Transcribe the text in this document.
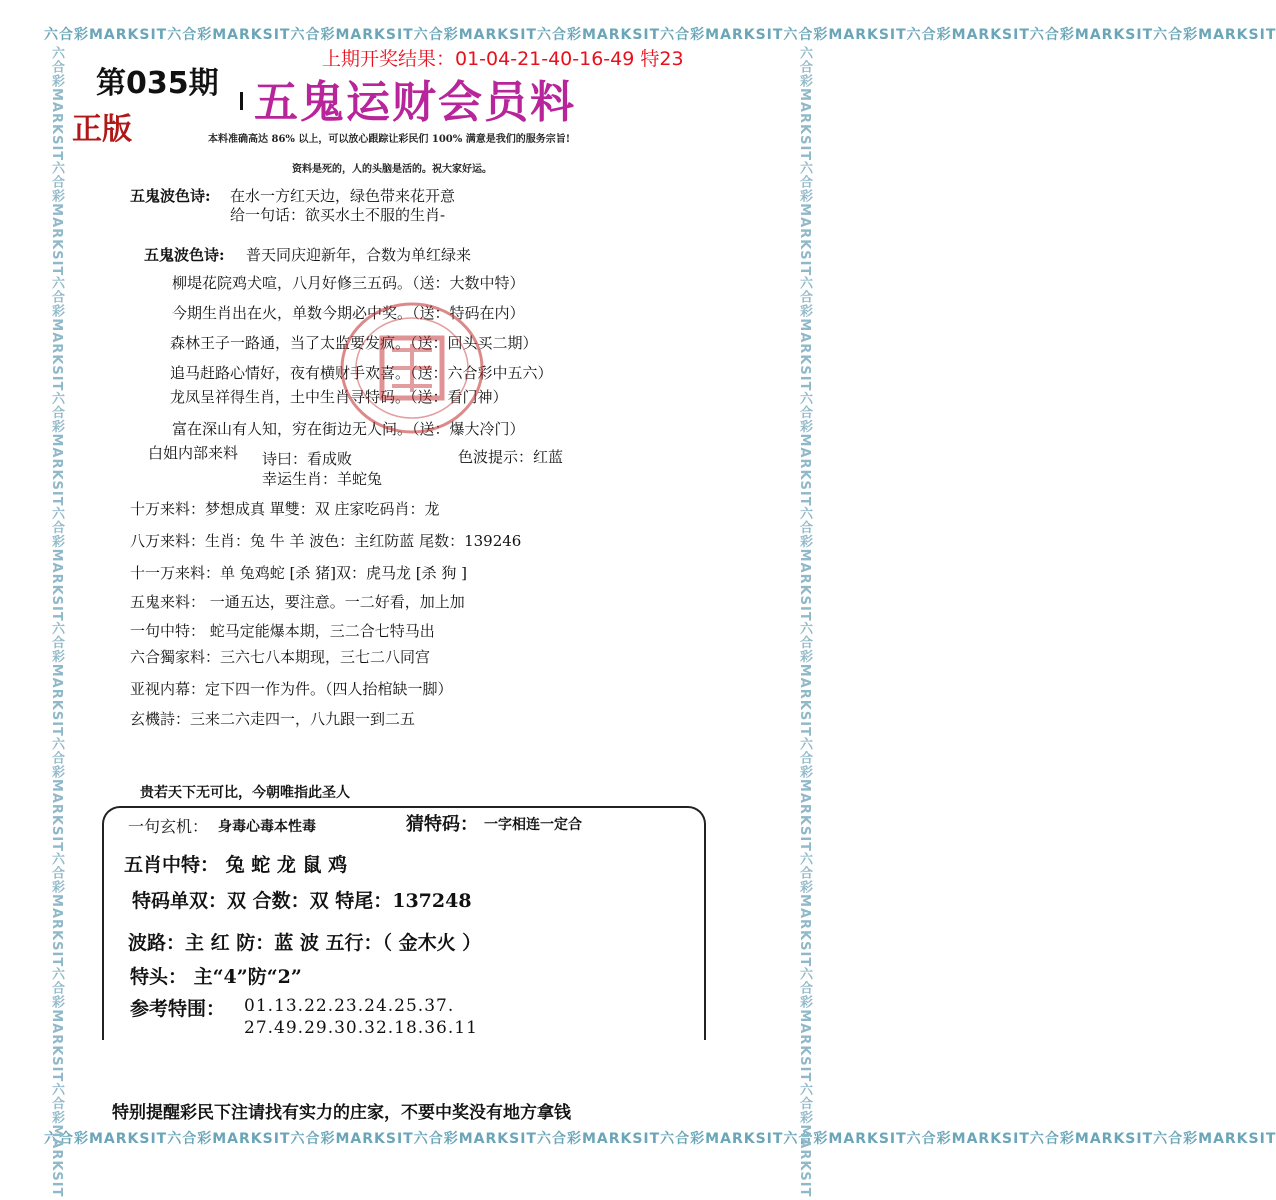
六合彩MARKSIT六合彩MARKSIT六合彩MARKSIT六合彩MARKSIT六合彩MARKSIT六合彩MARKSIT六合彩MARKSIT六合彩MARKSIT六合彩MARKSIT六合彩MARKSIT
六合彩MARKSIT六合彩MARKSIT六合彩MARKSIT六合彩MARKSIT六合彩MARKSIT六合彩MARKSIT六合彩MARKSIT六合彩MARKSIT六合彩MARKSIT六合彩MARKSIT
六合彩MARKSIT六合彩MARKSIT六合彩MARKSIT六合彩MARKSIT六合彩MARKSIT六合彩MARKSIT六合彩MARKSIT六合彩MARKSIT六合彩MARKSIT六合彩MARKSIT	六合彩MARKSIT六合彩MARKSIT六合彩MARKSIT六合彩MARKSIT六合彩MARKSIT六合彩MARKSIT六合彩MARKSIT六合彩MARKSIT六合彩MARKSIT六合彩MARKSIT
第035期
正版
上期开奖结果：01-04-21-40-16-49 特23
五鬼运财会员料
本料准确高达 86% 以上，可以放心跟踪让彩民们 100% 满意是我们的服务宗旨!
资料是死的，人的头脑是活的。祝大家好运。
五鬼波色诗: 在水一方红天边，绿色带来花开意
给一句话：欲买水土不服的生肖-
五鬼波色诗: 普天同庆迎新年，合数为单红绿来
柳堤花院鸡犬喧，八月好修三五码。（送：大数中特）
今期生肖出在火，单数今期必中奖。（送：特码在内）
森林王子一路通，当了太监要发疯。（送：回头买二期）
追马赶路心情好，夜有横财手欢喜。（送：六合彩中五六）
龙凤呈祥得生肖，土中生肖寻特码。（送：看门神）
富在深山有人知，穷在街边无人问。（送：爆大冷门）
白姐内部来料 诗曰：看成败	色波提示：红蓝
幸运生肖：羊蛇兔
十万来料：梦想成真 單雙：双 庄家吃码肖：龙
八万来料：生肖：兔 牛 羊 波色：主红防蓝 尾数：139246
十一万来料：单 兔鸡蛇 [杀 猪]双：虎马龙 [杀 狗 ]
五鬼来料： 一通五达，要注意。一二好看，加上加
一句中特： 蛇马定能爆本期，三二合七特马出
六合獨家料：三六七八本期现，三七二八同宫
亚视内幕：定下四一作为件。（四人抬棺缺一脚）
玄機詩：三来二六走四一，八九跟一到二五
贵若天下无可比，今朝唯指此圣人
一句玄机： 身毒心毒本性毒	猜特码： 一字相连一定合
五肖中特： 兔 蛇 龙 鼠 鸡
特码单双：双 合数：双 特尾：137248
波路：主 红 防：蓝 波 五行：（ 金木火 ）
特头： 主“4”防“2”
参考特围： 01.13.22.23.24.25.37.
27.49.29.30.32.18.36.11
特别提醒彩民下注请找有实力的庄家，不要中奖没有地方拿钱
